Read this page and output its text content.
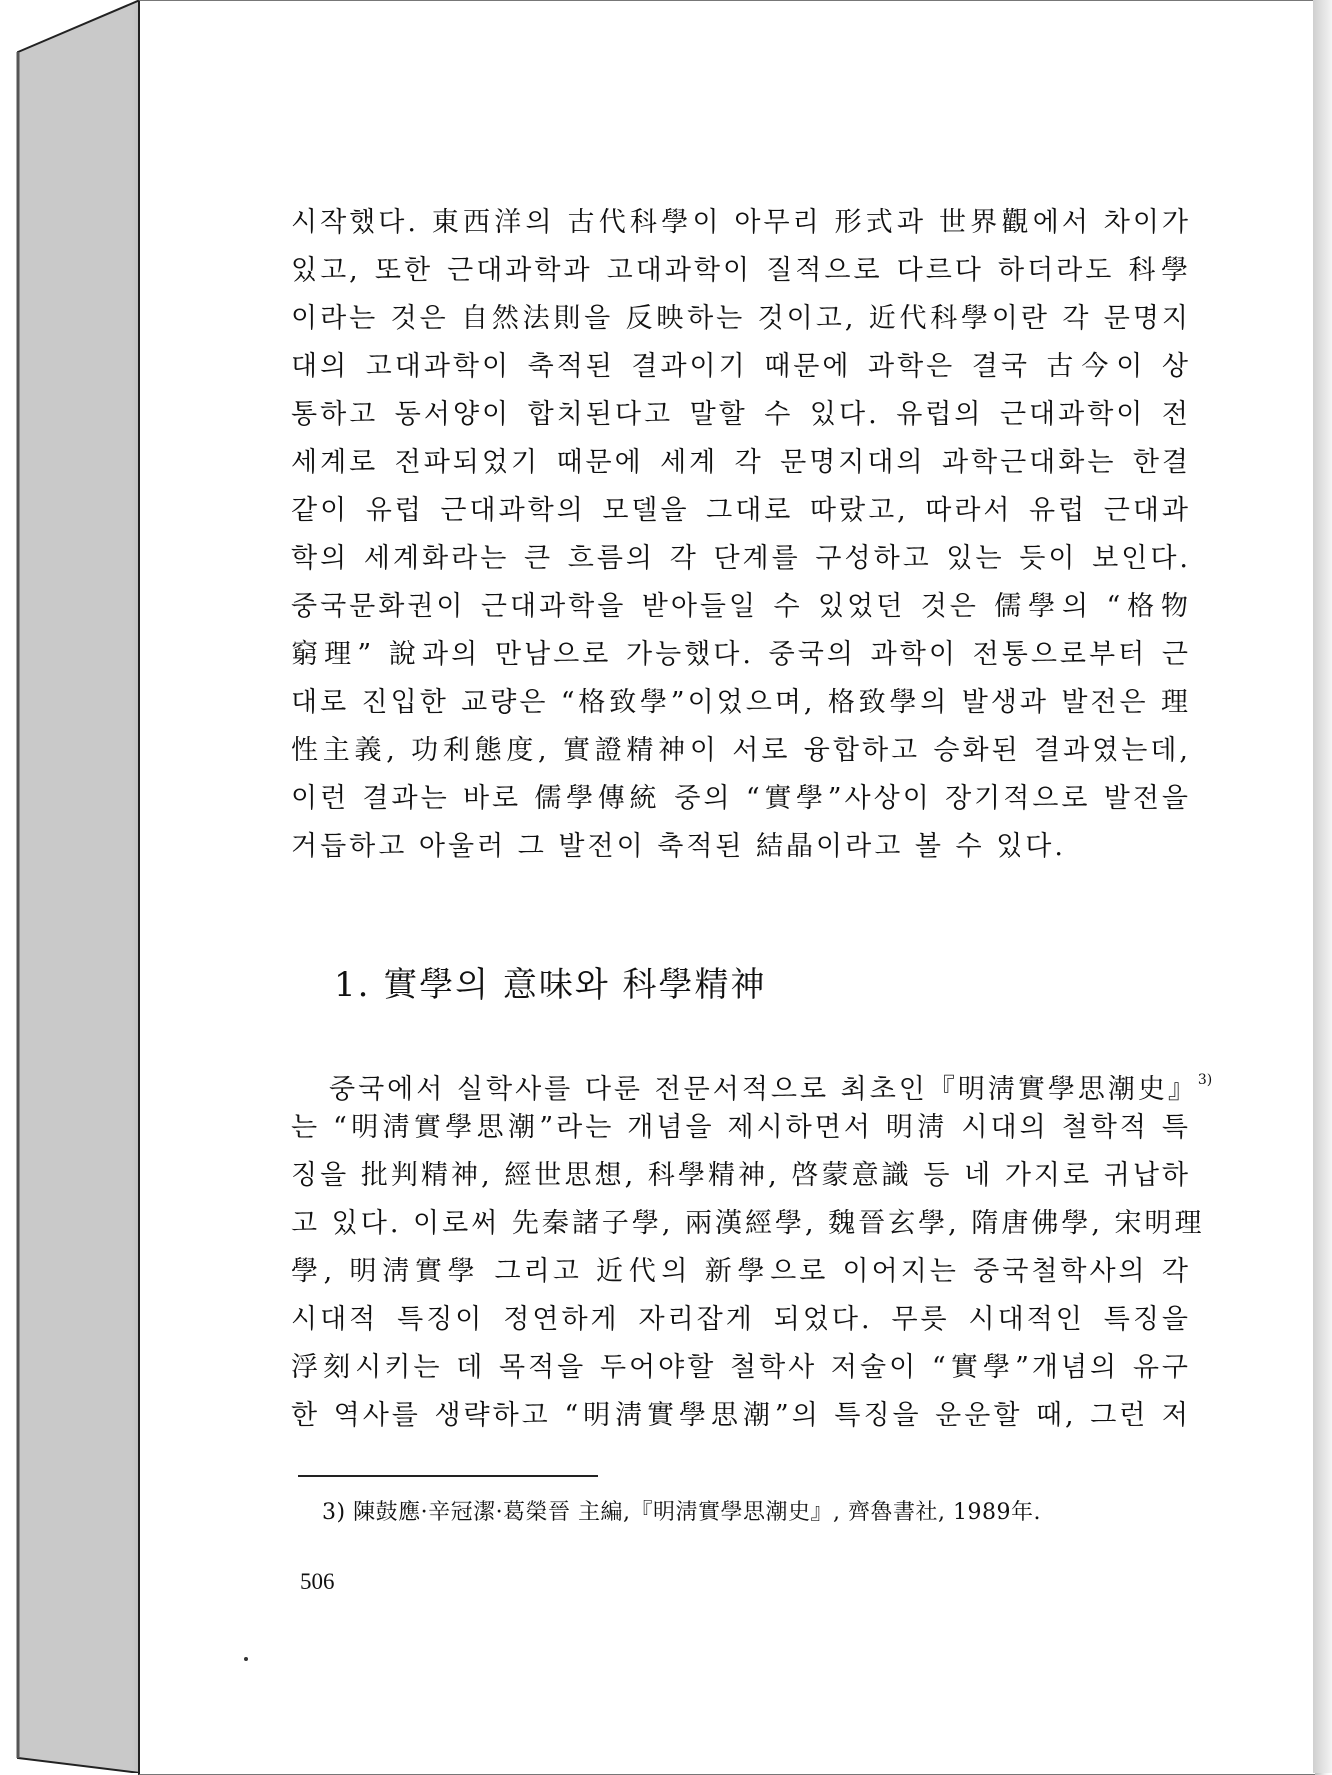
시작했다. 東西洋의 古代科學이 아무리 形式과 世界觀에서 차이가
있고, 또한 근대과학과 고대과학이 질적으로 다르다 하더라도 科學
이라는 것은 自然法則을 反映하는 것이고, 近代科學이란 각 문명지
대의 고대과학이 축적된 결과이기 때문에 과학은 결국 古今이 상
통하고 동서양이 합치된다고 말할 수 있다. 유럽의 근대과학이 전
세계로 전파되었기 때문에 세계 각 문명지대의 과학근대화는 한결
같이 유럽 근대과학의 모델을 그대로 따랐고, 따라서 유럽 근대과
학의 세계화라는 큰 흐름의 각 단계를 구성하고 있는 듯이 보인다.
중국문화권이 근대과학을 받아들일 수 있었던 것은 儒學의 “格物
窮理” 說과의 만남으로 가능했다. 중국의 과학이 전통으로부터 근
대로 진입한 교량은 “格致學”이었으며, 格致學의 발생과 발전은 理
性主義, 功利態度, 實證精神이 서로 융합하고 승화된 결과였는데,
이런 결과는 바로 儒學傳統 중의 “實學”사상이 장기적으로 발전을
거듭하고 아울러 그 발전이 축적된 結晶이라고 볼 수 있다.
1. 實學의 意味와 科學精神
중국에서 실학사를 다룬 전문서적으로 최초인『明淸實學思潮史』$^{3)}$
는 “明淸實學思潮”라는 개념을 제시하면서 明淸 시대의 철학적 특
징을 批判精神, 經世思想, 科學精神, 啓蒙意識 등 네 가지로 귀납하
고 있다. 이로써 先秦諸子學, 兩漢經學, 魏晉玄學, 隋唐佛學, 宋明理
學, 明淸實學 그리고 近代의 新學으로 이어지는 중국철학사의 각
시대적 특징이 정연하게 자리잡게 되었다. 무릇 시대적인 특징을
浮刻시키는 데 목적을 두어야할 철학사 저술이 “實學”개념의 유구
한 역사를 생략하고 “明淸實學思潮”의 특징을 운운할 때, 그런 저
3) 陳鼓應·辛冠潔·葛榮晉 主編,『明淸實學思潮史』, 齊魯書社, 1989年.
506
